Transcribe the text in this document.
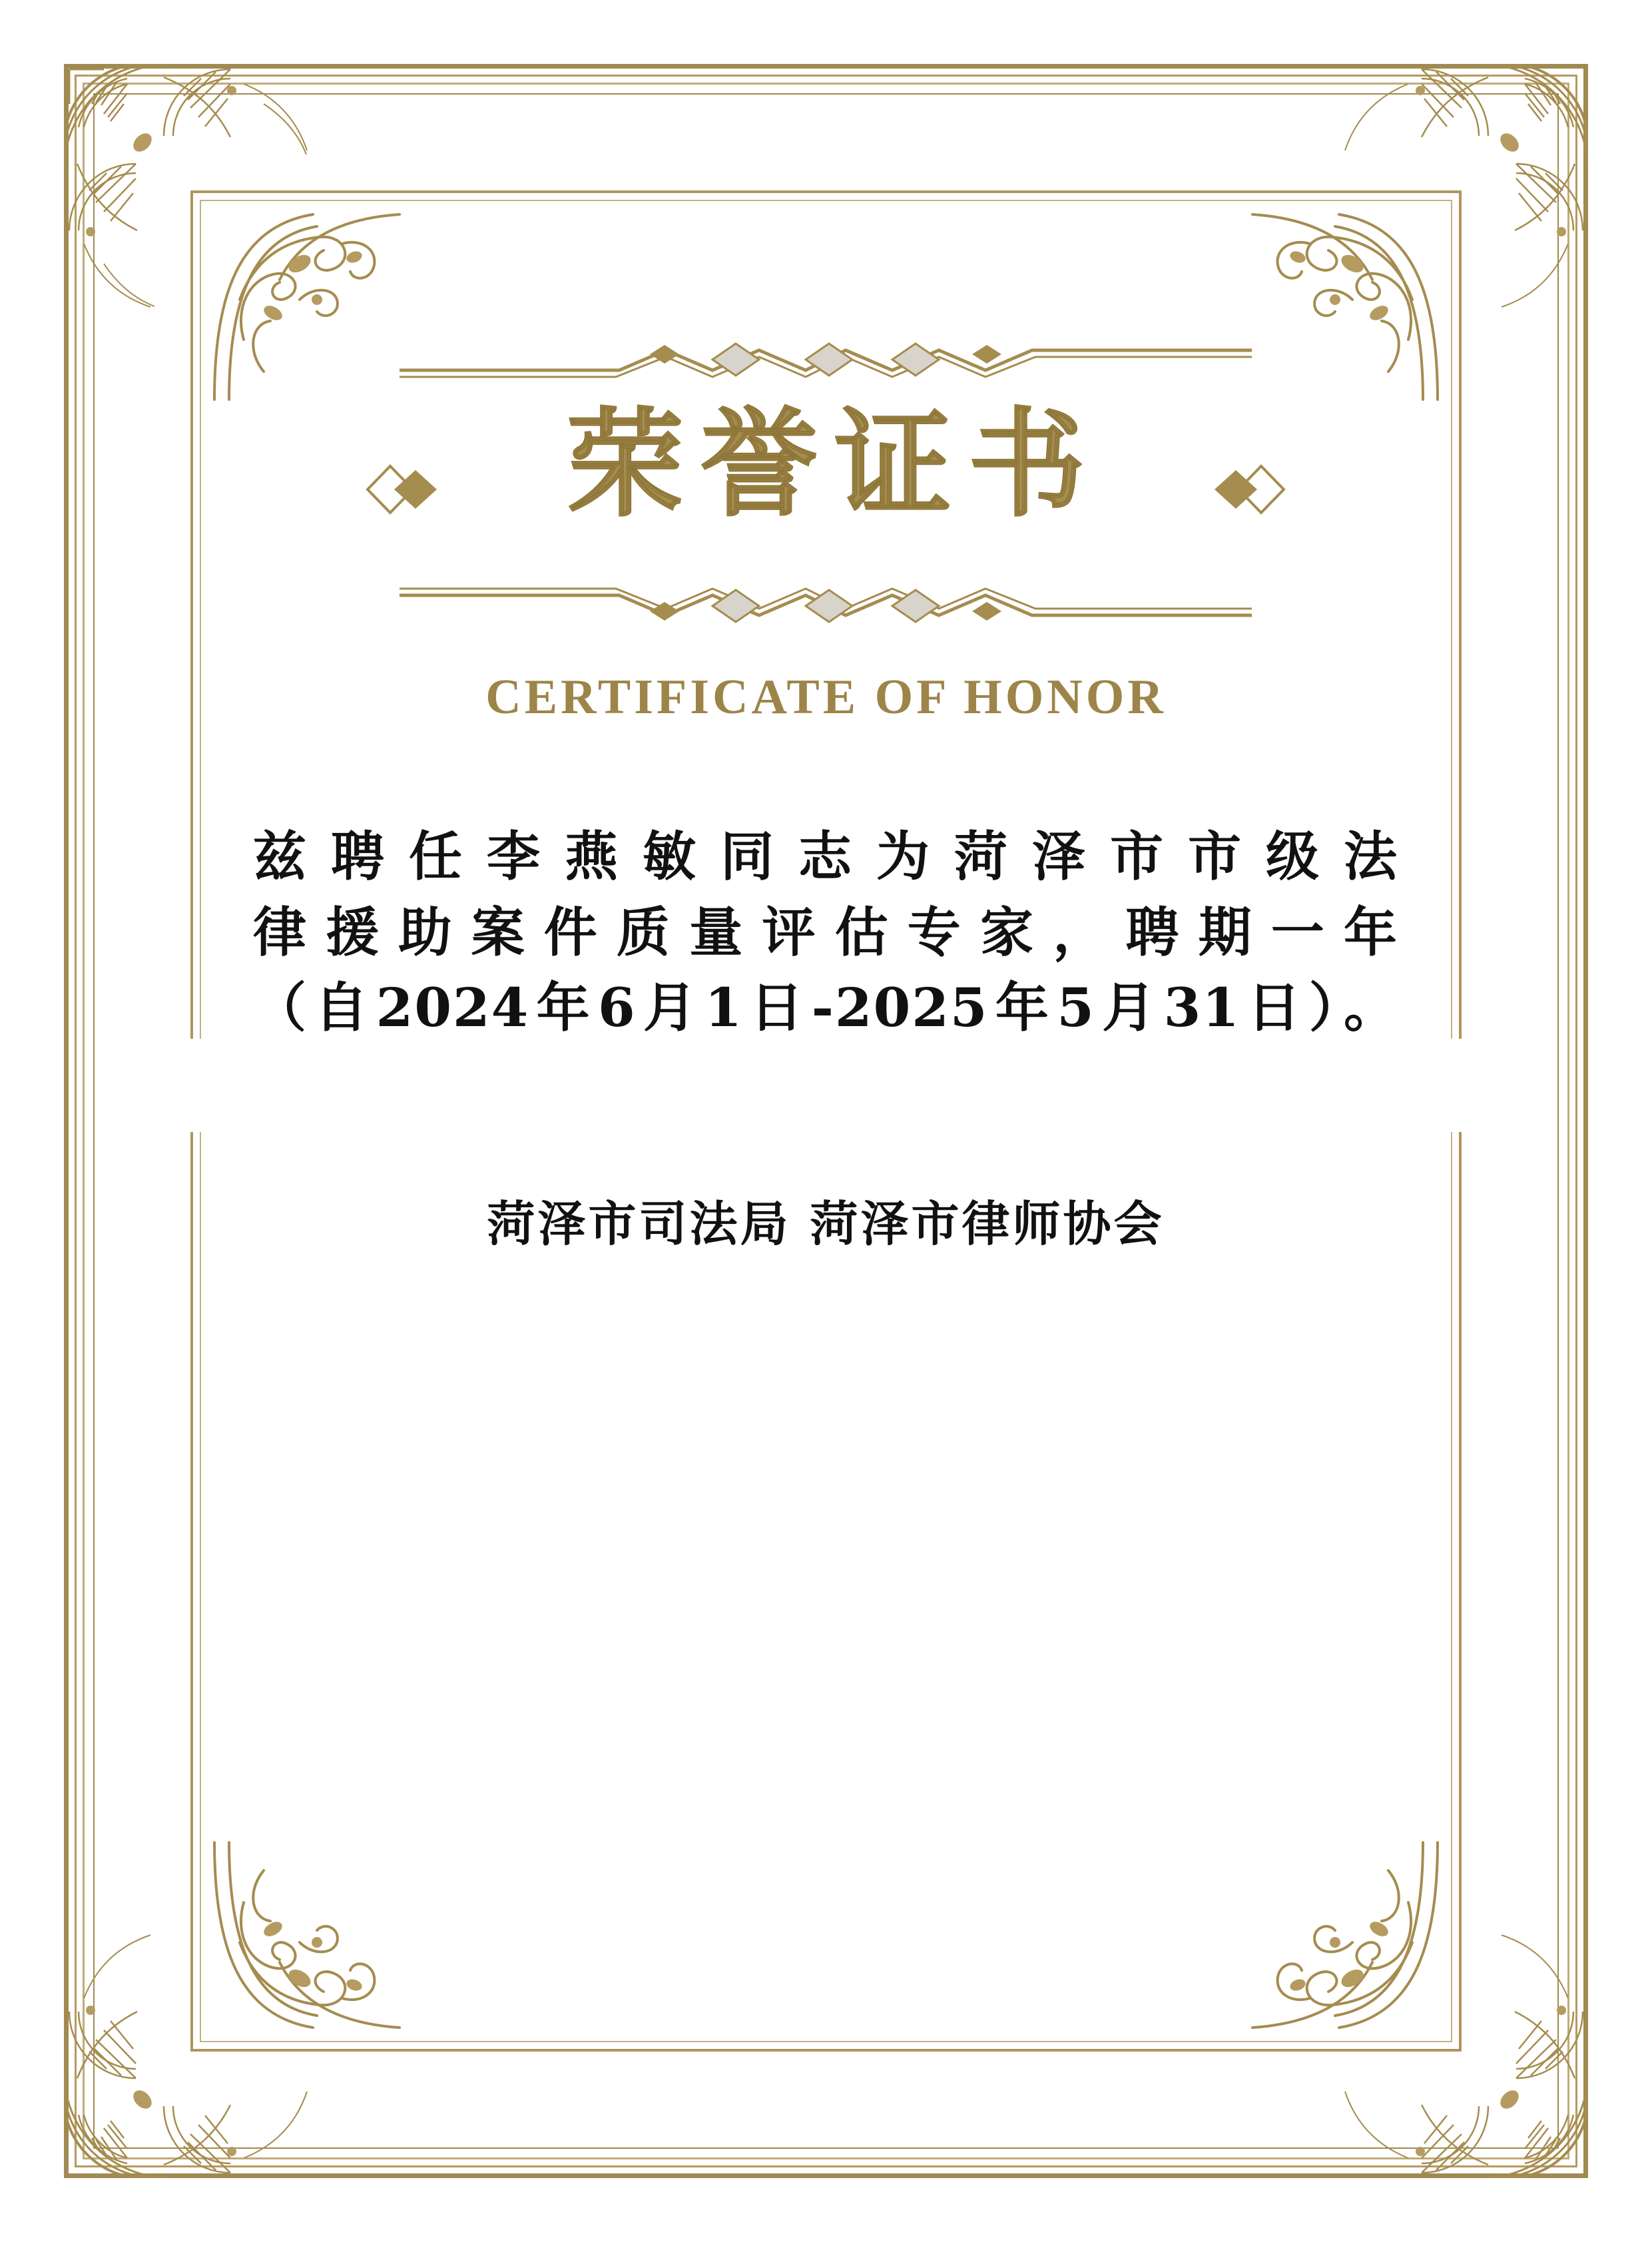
荣誉证书
CERTIFICATE OF HONOR
兹聘任李燕敏同志为菏泽市市级法
律援助案件质量评估专家，聘期一年
（自2024年6月1日-2025年5月31日）。
菏泽市司法局 菏泽市律师协会
